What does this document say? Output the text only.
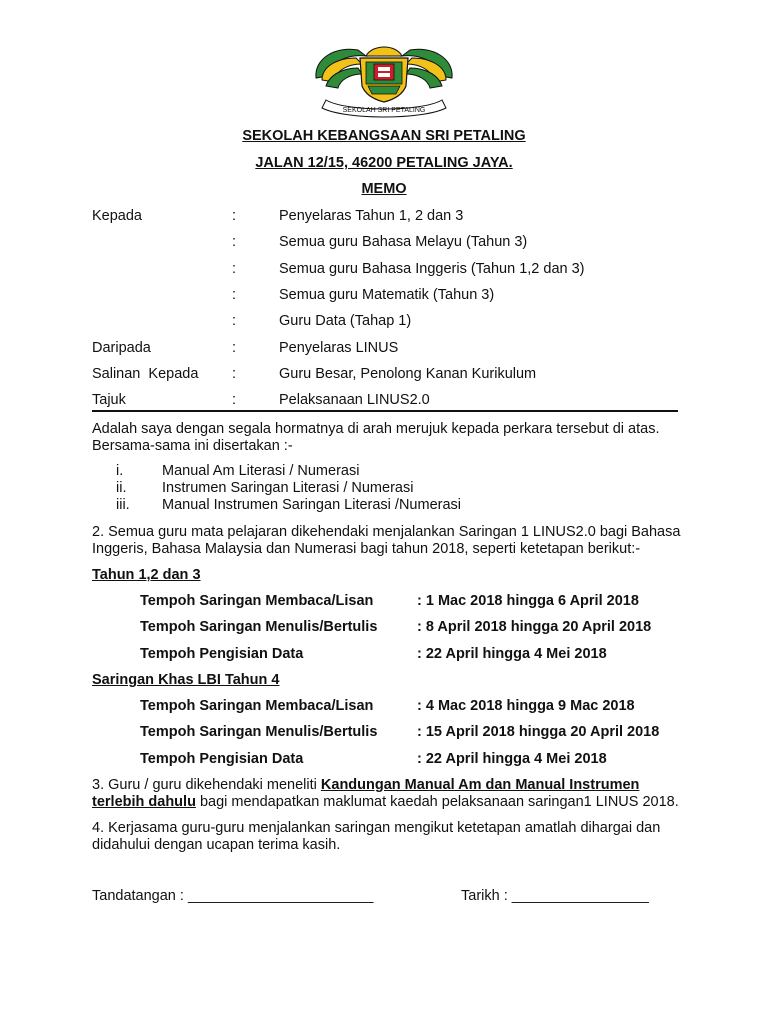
SEKOLAH SRI PETALING
SEKOLAH KEBANGSAAN SRI PETALING
JALAN 12/15, 46200 PETALING JAYA.
MEMO
Kepada	:	Penyelaras Tahun 1, 2 dan 3
:	Semua guru Bahasa Melayu (Tahun 3)
:	Semua guru Bahasa Inggeris (Tahun 1,2 dan 3)
:	Semua guru Matematik (Tahun 3)
:	Guru Data (Tahap 1)
Daripada	:	Penyelaras LINUS
Salinan  Kepada :	Guru Besar, Penolong Kanan Kurikulum
Tajuk	:	Pelaksanaan LINUS2.0
Adalah saya dengan segala hormatnya di arah merujuk kepada perkara tersebut di atas.
Bersama-sama ini disertakan :-
i.	Manual Am Literasi / Numerasi
ii. Instrumen Saringan Literasi / Numerasi
iii. Manual Instrumen Saringan Literasi /Numerasi
2. Semua guru mata pelajaran dikehendaki menjalankan Saringan 1 LINUS2.0 bagi Bahasa
Inggeris, Bahasa Malaysia dan Numerasi bagi tahun 2018, seperti ketetapan berikut:-
Tahun 1,2 dan 3
Tempoh Saringan Membaca/Lisan	: 1 Mac 2018 hingga 6 April 2018
Tempoh Saringan Menulis/Bertulis	: 8 April 2018 hingga 20 April 2018
Tempoh Pengisian Data	: 22 April hingga 4 Mei 2018
Saringan Khas LBI Tahun 4
Tempoh Saringan Membaca/Lisan	: 4 Mac 2018 hingga 9 Mac 2018
Tempoh Saringan Menulis/Bertulis	: 15 April 2018 hingga 20 April 2018
Tempoh Pengisian Data	: 22 April hingga 4 Mei 2018
3. Guru / guru dikehendaki meneliti Kandungan Manual Am dan Manual Instrumen
terlebih dahulu bagi mendapatkan maklumat kaedah pelaksanaan saringan1 LINUS 2018.
4. Kerjasama guru-guru menjalankan saringan mengikut ketetapan amatlah dihargai dan
didahului dengan ucapan terima kasih.
Tandatangan : _______________________	Tarikh : _________________
